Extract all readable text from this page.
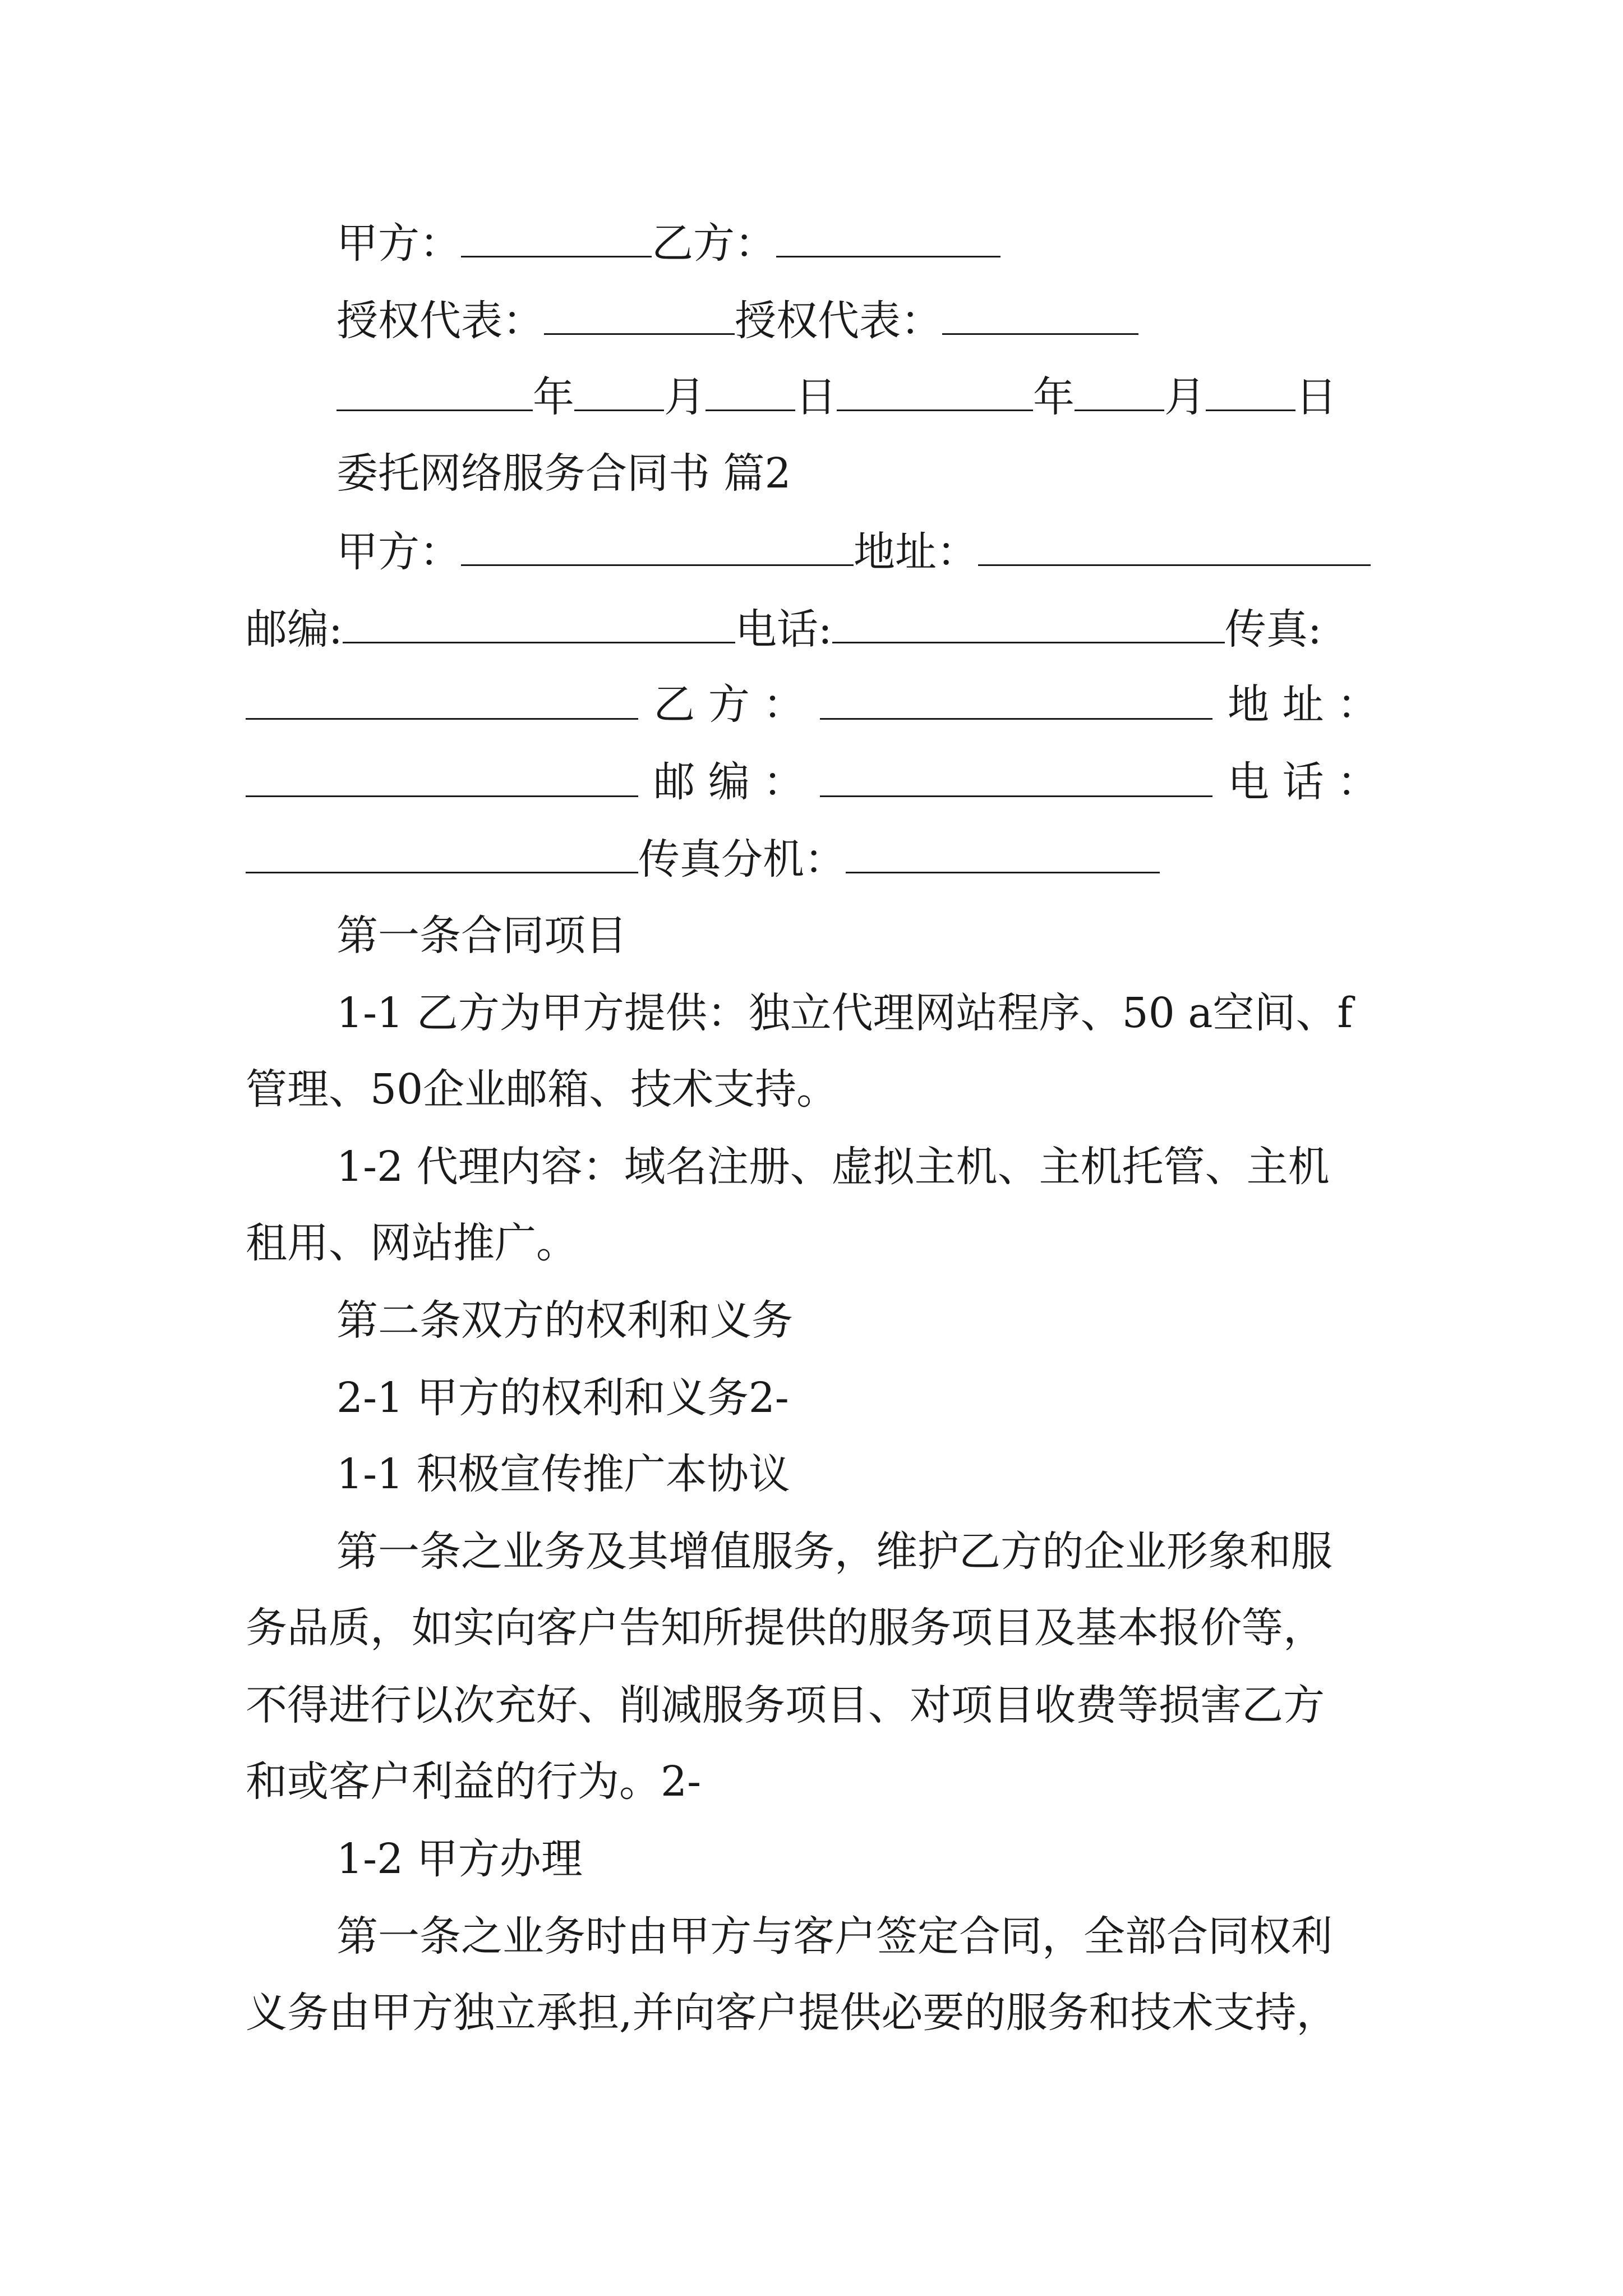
甲方：	乙方：
授权代表：	授权代表：
年 月 日	年 月 日
委托网络服务合同书 篇2
甲方：	地址：
邮编:	电话:	传真:
乙 方 ：	地 址 ：
邮 编 ：	电 话 ：
传真分机：
第一条合同项目
1-1 乙方为甲方提供：独立代理网站程序、50 a空间、f
管理、50企业邮箱、技术支持。
1-2 代理内容：域名注册、虚拟主机、主机托管、主机
租用、网站推广。
第二条双方的权利和义务
2-1 甲方的权利和义务2-
1-1 积极宣传推广本协议
第一条之业务及其增值服务，维护乙方的企业形象和服
务品质，如实向客户告知所提供的服务项目及基本报价等，
不得进行以次充好、削减服务项目、对项目收费等损害乙方
和或客户利益的行为。2-
1-2 甲方办理
第一条之业务时由甲方与客户签定合同，全部合同权利
义务由甲方独立承担,并向客户提供必要的服务和技术支持，
